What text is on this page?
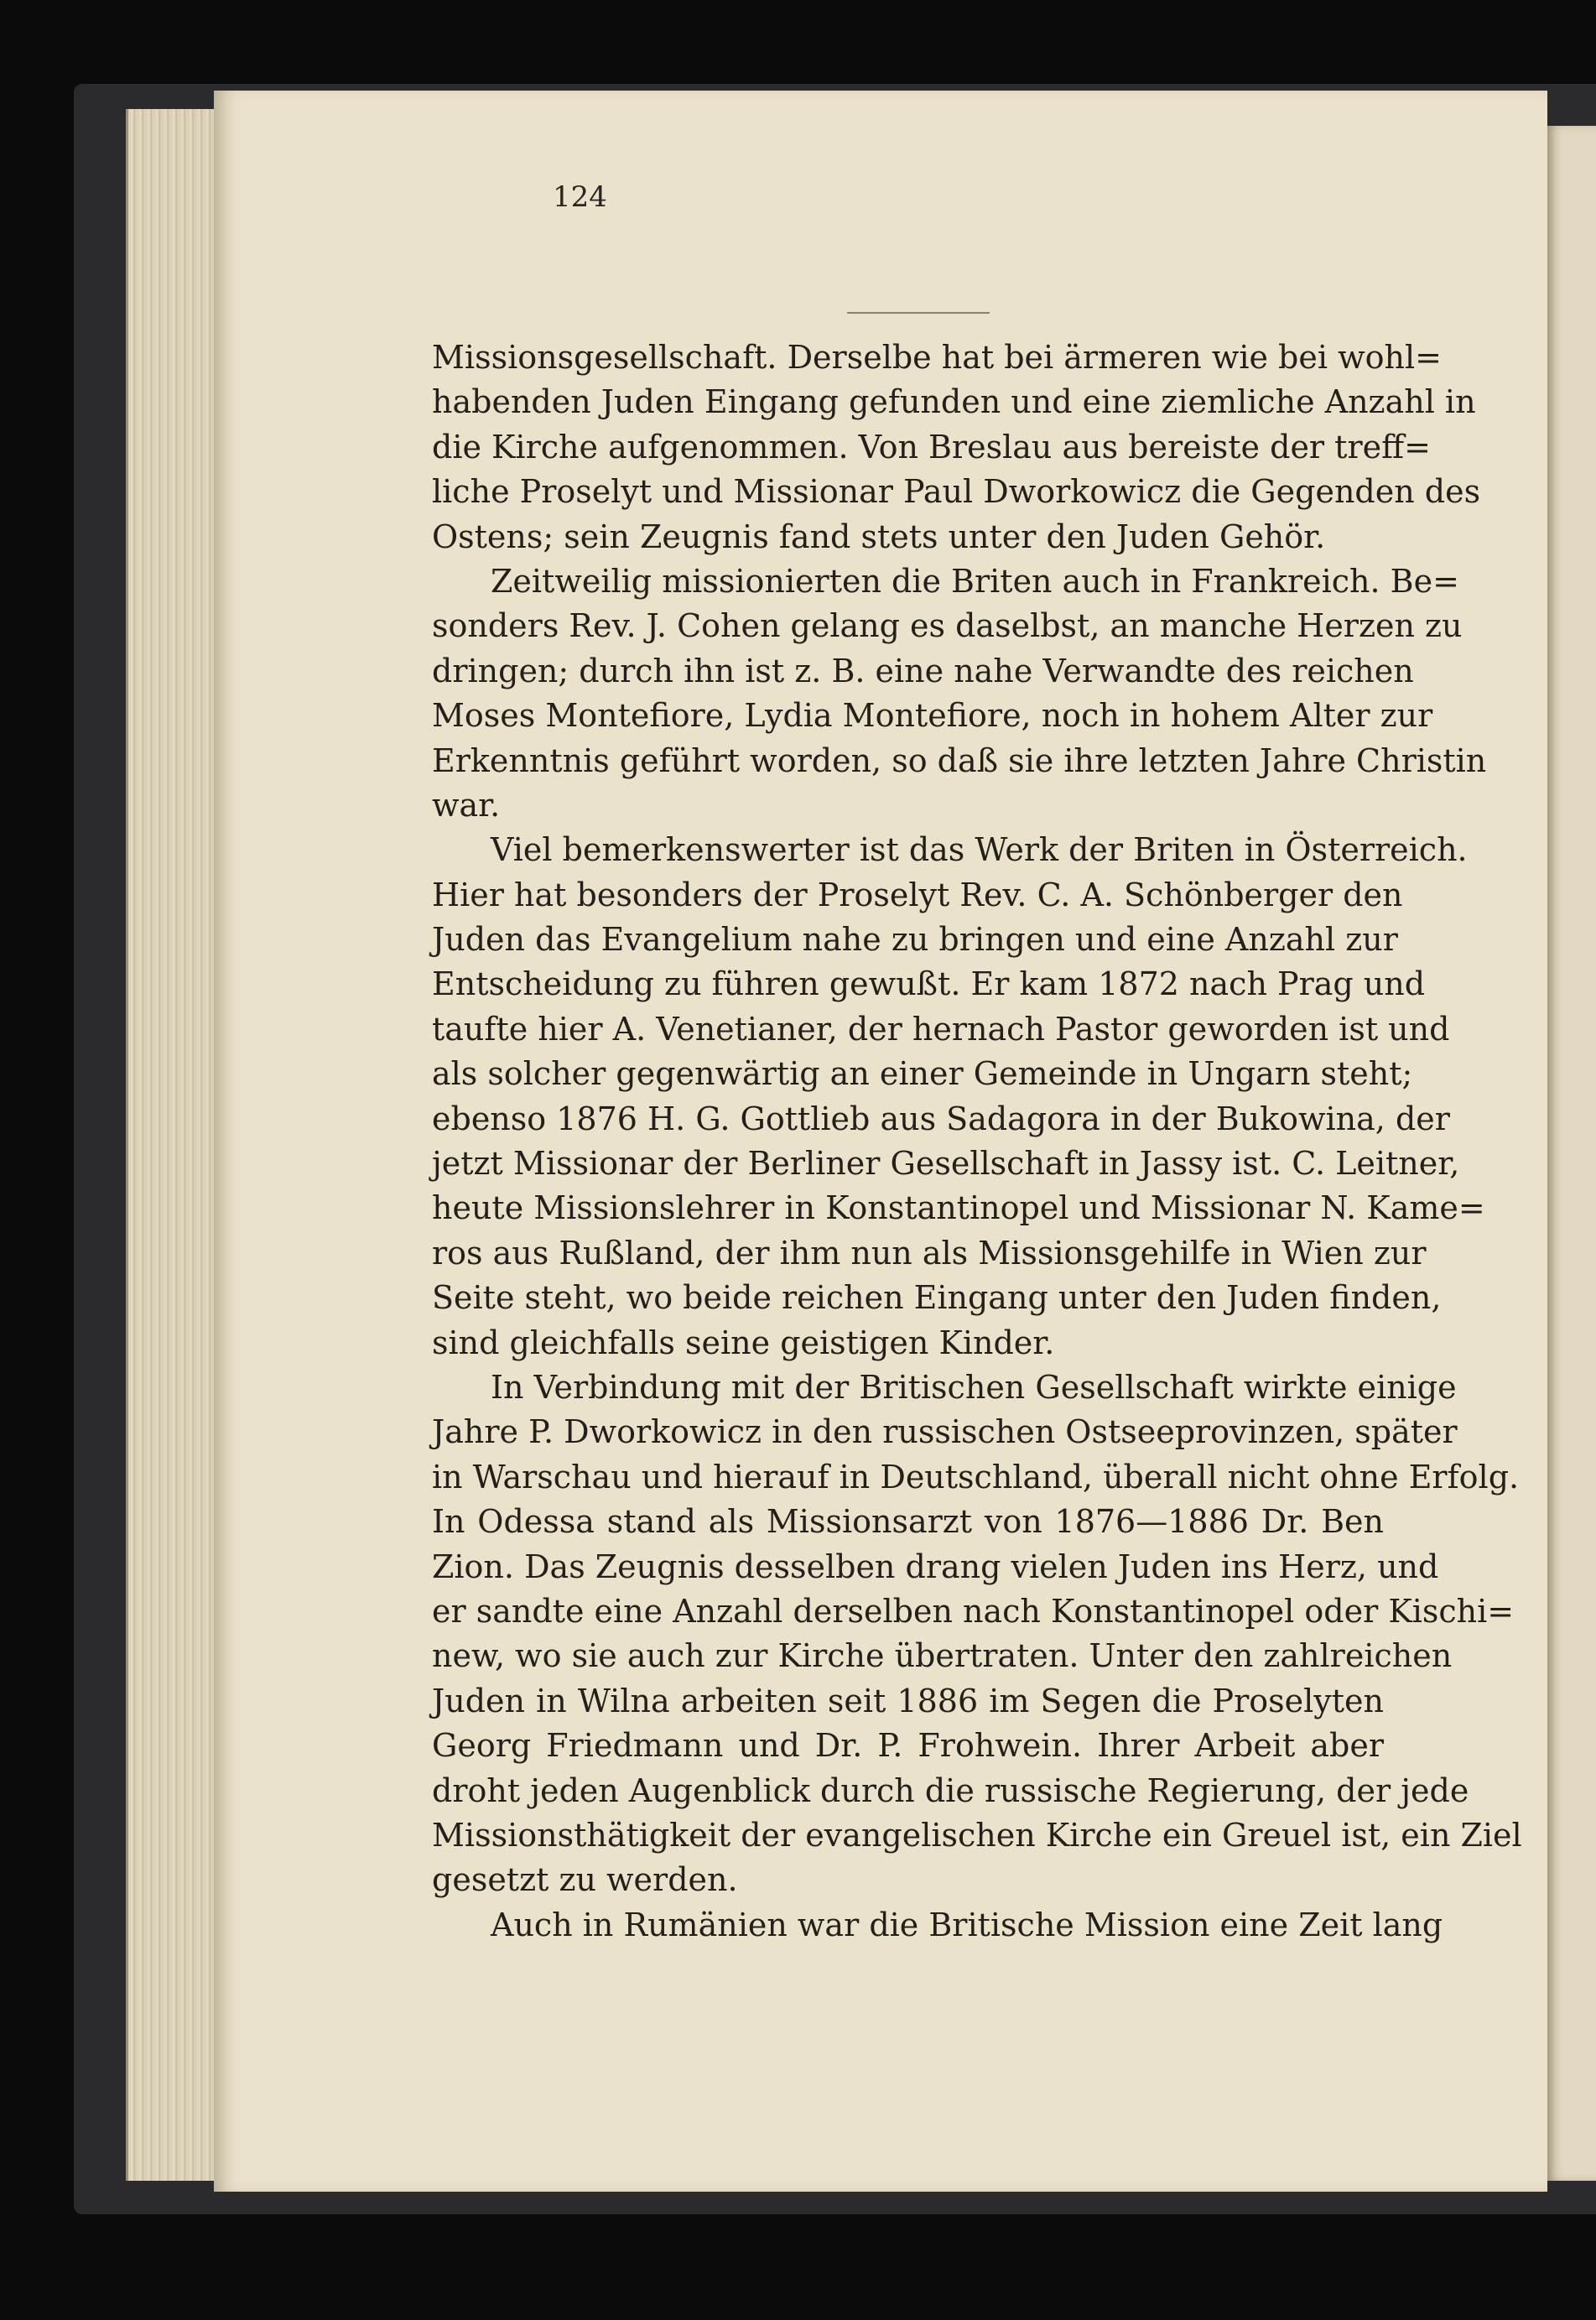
124
Missionsgesellschaft. Derselbe hat bei ärmeren wie bei wohl=
habenden Juden Eingang gefunden und eine ziemliche Anzahl in
die Kirche aufgenommen. Von Breslau aus bereiste der treff=
liche Proselyt und Missionar Paul Dworkowicz die Gegenden des
Ostens; sein Zeugnis fand stets unter den Juden Gehör.
Zeitweilig missionierten die Briten auch in Frankreich. Be=
sonders Rev. J. Cohen gelang es daselbst, an manche Herzen zu
dringen; durch ihn ist z. B. eine nahe Verwandte des reichen
Moses Montefiore, Lydia Montefiore, noch in hohem Alter zur
Erkenntnis geführt worden, so daß sie ihre letzten Jahre Christin
war.
Viel bemerkenswerter ist das Werk der Briten in Österreich.
Hier hat besonders der Proselyt Rev. C. A. Schönberger den
Juden das Evangelium nahe zu bringen und eine Anzahl zur
Entscheidung zu führen gewußt. Er kam 1872 nach Prag und
taufte hier A. Venetianer, der hernach Pastor geworden ist und
als solcher gegenwärtig an einer Gemeinde in Ungarn steht;
ebenso 1876 H. G. Gottlieb aus Sadagora in der Bukowina, der
jetzt Missionar der Berliner Gesellschaft in Jassy ist. C. Leitner,
heute Missionslehrer in Konstantinopel und Missionar N. Kame=
ros aus Rußland, der ihm nun als Missionsgehilfe in Wien zur
Seite steht, wo beide reichen Eingang unter den Juden finden,
sind gleichfalls seine geistigen Kinder.
In Verbindung mit der Britischen Gesellschaft wirkte einige
Jahre P. Dworkowicz in den russischen Ostseeprovinzen, später
in Warschau und hierauf in Deutschland, überall nicht ohne Erfolg.
In Odessa stand als Missionsarzt von 1876—1886 Dr. Ben
Zion. Das Zeugnis desselben drang vielen Juden ins Herz, und
er sandte eine Anzahl derselben nach Konstantinopel oder Kischi=
new, wo sie auch zur Kirche übertraten. Unter den zahlreichen
Juden in Wilna arbeiten seit 1886 im Segen die Proselyten
Georg Friedmann und Dr. P. Frohwein. Ihrer Arbeit aber
droht jeden Augenblick durch die russische Regierung, der jede
Missionsthätigkeit der evangelischen Kirche ein Greuel ist, ein Ziel
gesetzt zu werden.
Auch in Rumänien war die Britische Mission eine Zeit lang
